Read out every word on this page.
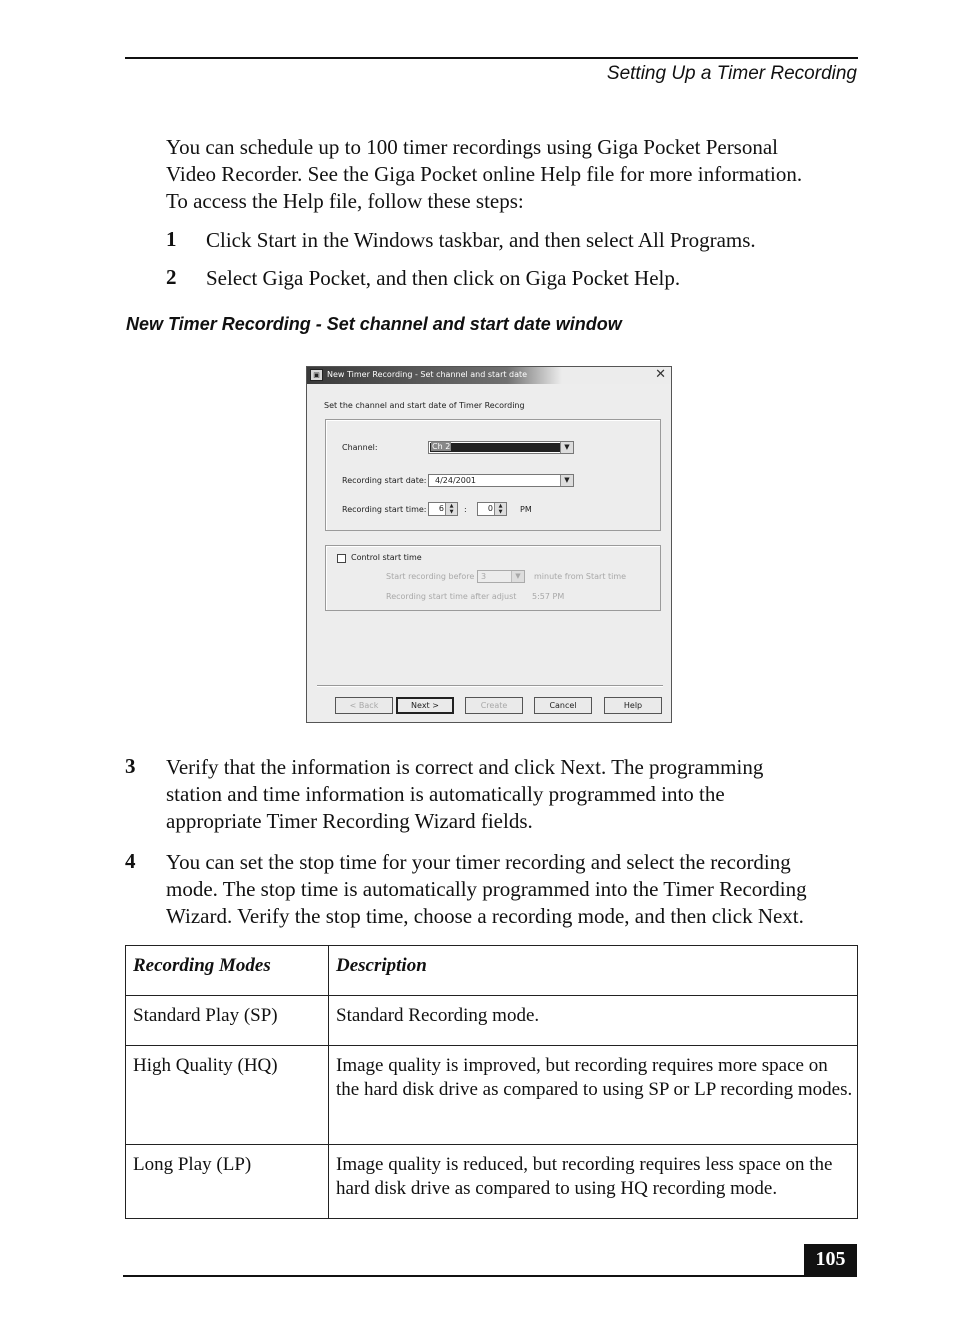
Setting Up a Timer Recording
You can schedule up to 100 timer recordings using Giga Pocket Personal
Video Recorder. See the Giga Pocket online Help file for more information.
To access the Help file, follow these steps:
1 Click Start in the Windows taskbar, and then select All Programs.
2 Select Giga Pocket, and then click on Giga Pocket Help.
New Timer Recording - Set channel and start date window
▣ New Timer Recording - Set channel and start date	✕
Set the channel and start date of Timer Recording
Channel:	Ch 2	▼
Recording start date: 4/24/2001	▼
Recording start time: 6	▲
▼	:	0	▲
▼	PM
Control start time
Start recording before 3	▼	minute from Start time
Recording start time after adjust 5:57 PM
< Back	Next >	Create	Cancel	Help
3 Verify that the information is correct and click Next. The programming
station and time information is automatically programmed into the
appropriate Timer Recording Wizard fields.
4 You can set the stop time for your timer recording and select the recording
mode. The stop time is automatically programmed into the Timer Recording
Wizard. Verify the stop time, choose a recording mode, and then click Next.
Recording Modes	Description
Standard Play (SP)	Standard Recording mode.
High Quality (HQ)	Image quality is improved, but recording requires more space on the hard disk drive as compared to using SP or LP recording modes.
Long Play (LP)	Image quality is reduced, but recording requires less space on the hard disk drive as compared to using HQ recording mode.
105
